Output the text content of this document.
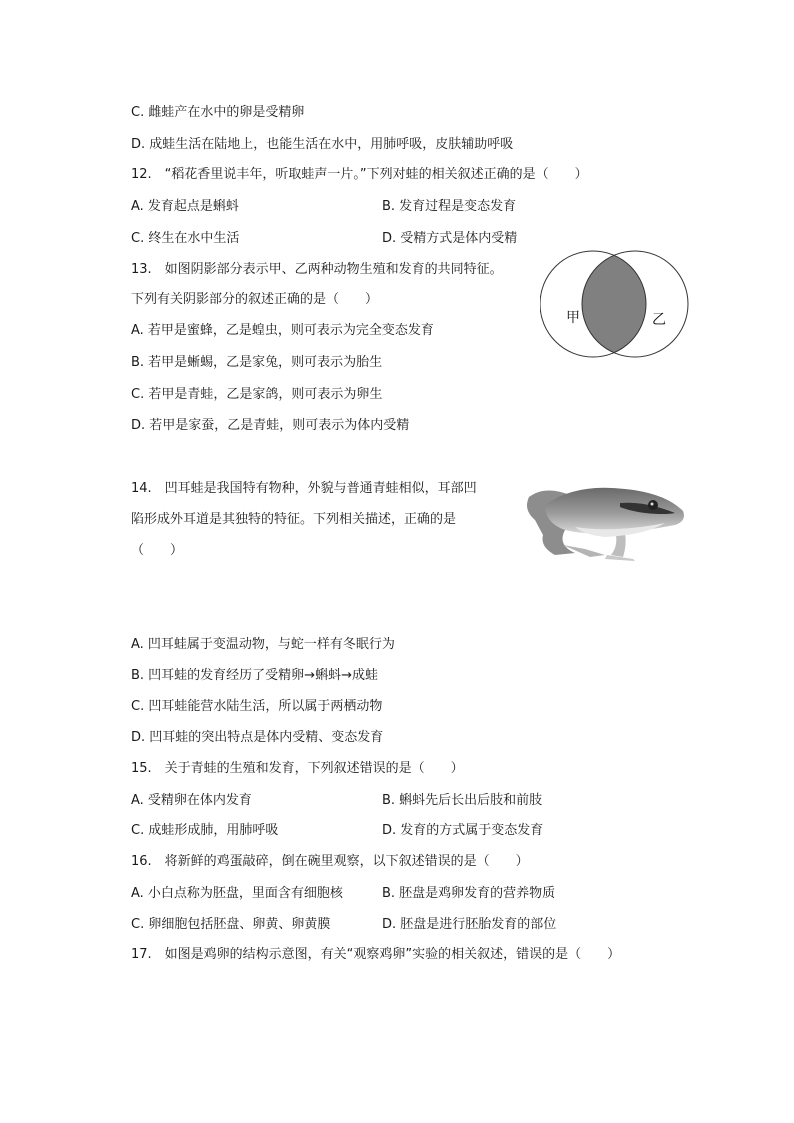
C. 雌蛙产在水中的卵是受精卵
D. 成蛙生活在陆地上，也能生活在水中，用肺呼吸，皮肤辅助呼吸
12.　“稻花香里说丰年，听取蛙声一片。”下列对蛙的相关叙述正确的是（　　）
A. 发育起点是蝌蚪	B. 发育过程是变态发育
C. 终生在水中生活	D. 受精方式是体内受精
13.　如图阴影部分表示甲、乙两种动物生殖和发育的共同特征。
下列有关阴影部分的叙述正确的是（　　）
A. 若甲是蜜蜂，乙是蝗虫，则可表示为完全变态发育
B. 若甲是蜥蜴，乙是家兔，则可表示为胎生
C. 若甲是青蛙，乙是家鸽，则可表示为卵生
D. 若甲是家蚕，乙是青蛙，则可表示为体内受精
甲	乙
14.　凹耳蛙是我国特有物种，外貌与普通青蛙相似，耳部凹
陷形成外耳道是其独特的特征。下列相关描述，正确的是
（　　）
A. 凹耳蛙属于变温动物，与蛇一样有冬眠行为
B. 凹耳蛙的发育经历了受精卵→蝌蚪→成蛙
C. 凹耳蛙能营水陆生活，所以属于两栖动物
D. 凹耳蛙的突出特点是体内受精、变态发育
15.　关于青蛙的生殖和发育，下列叙述错误的是（　　）
A. 受精卵在体内发育	B. 蝌蚪先后长出后肢和前肢
C. 成蛙形成肺，用肺呼吸	D. 发育的方式属于变态发育
16.　将新鲜的鸡蛋敲碎，倒在碗里观察，以下叙述错误的是（　　）
A. 小白点称为胚盘，里面含有细胞核	B. 胚盘是鸡卵发育的营养物质
C. 卵细胞包括胚盘、卵黄、卵黄膜	D. 胚盘是进行胚胎发育的部位
17.　如图是鸡卵的结构示意图，有关“观察鸡卵”实验的相关叙述，错误的是（　　）
